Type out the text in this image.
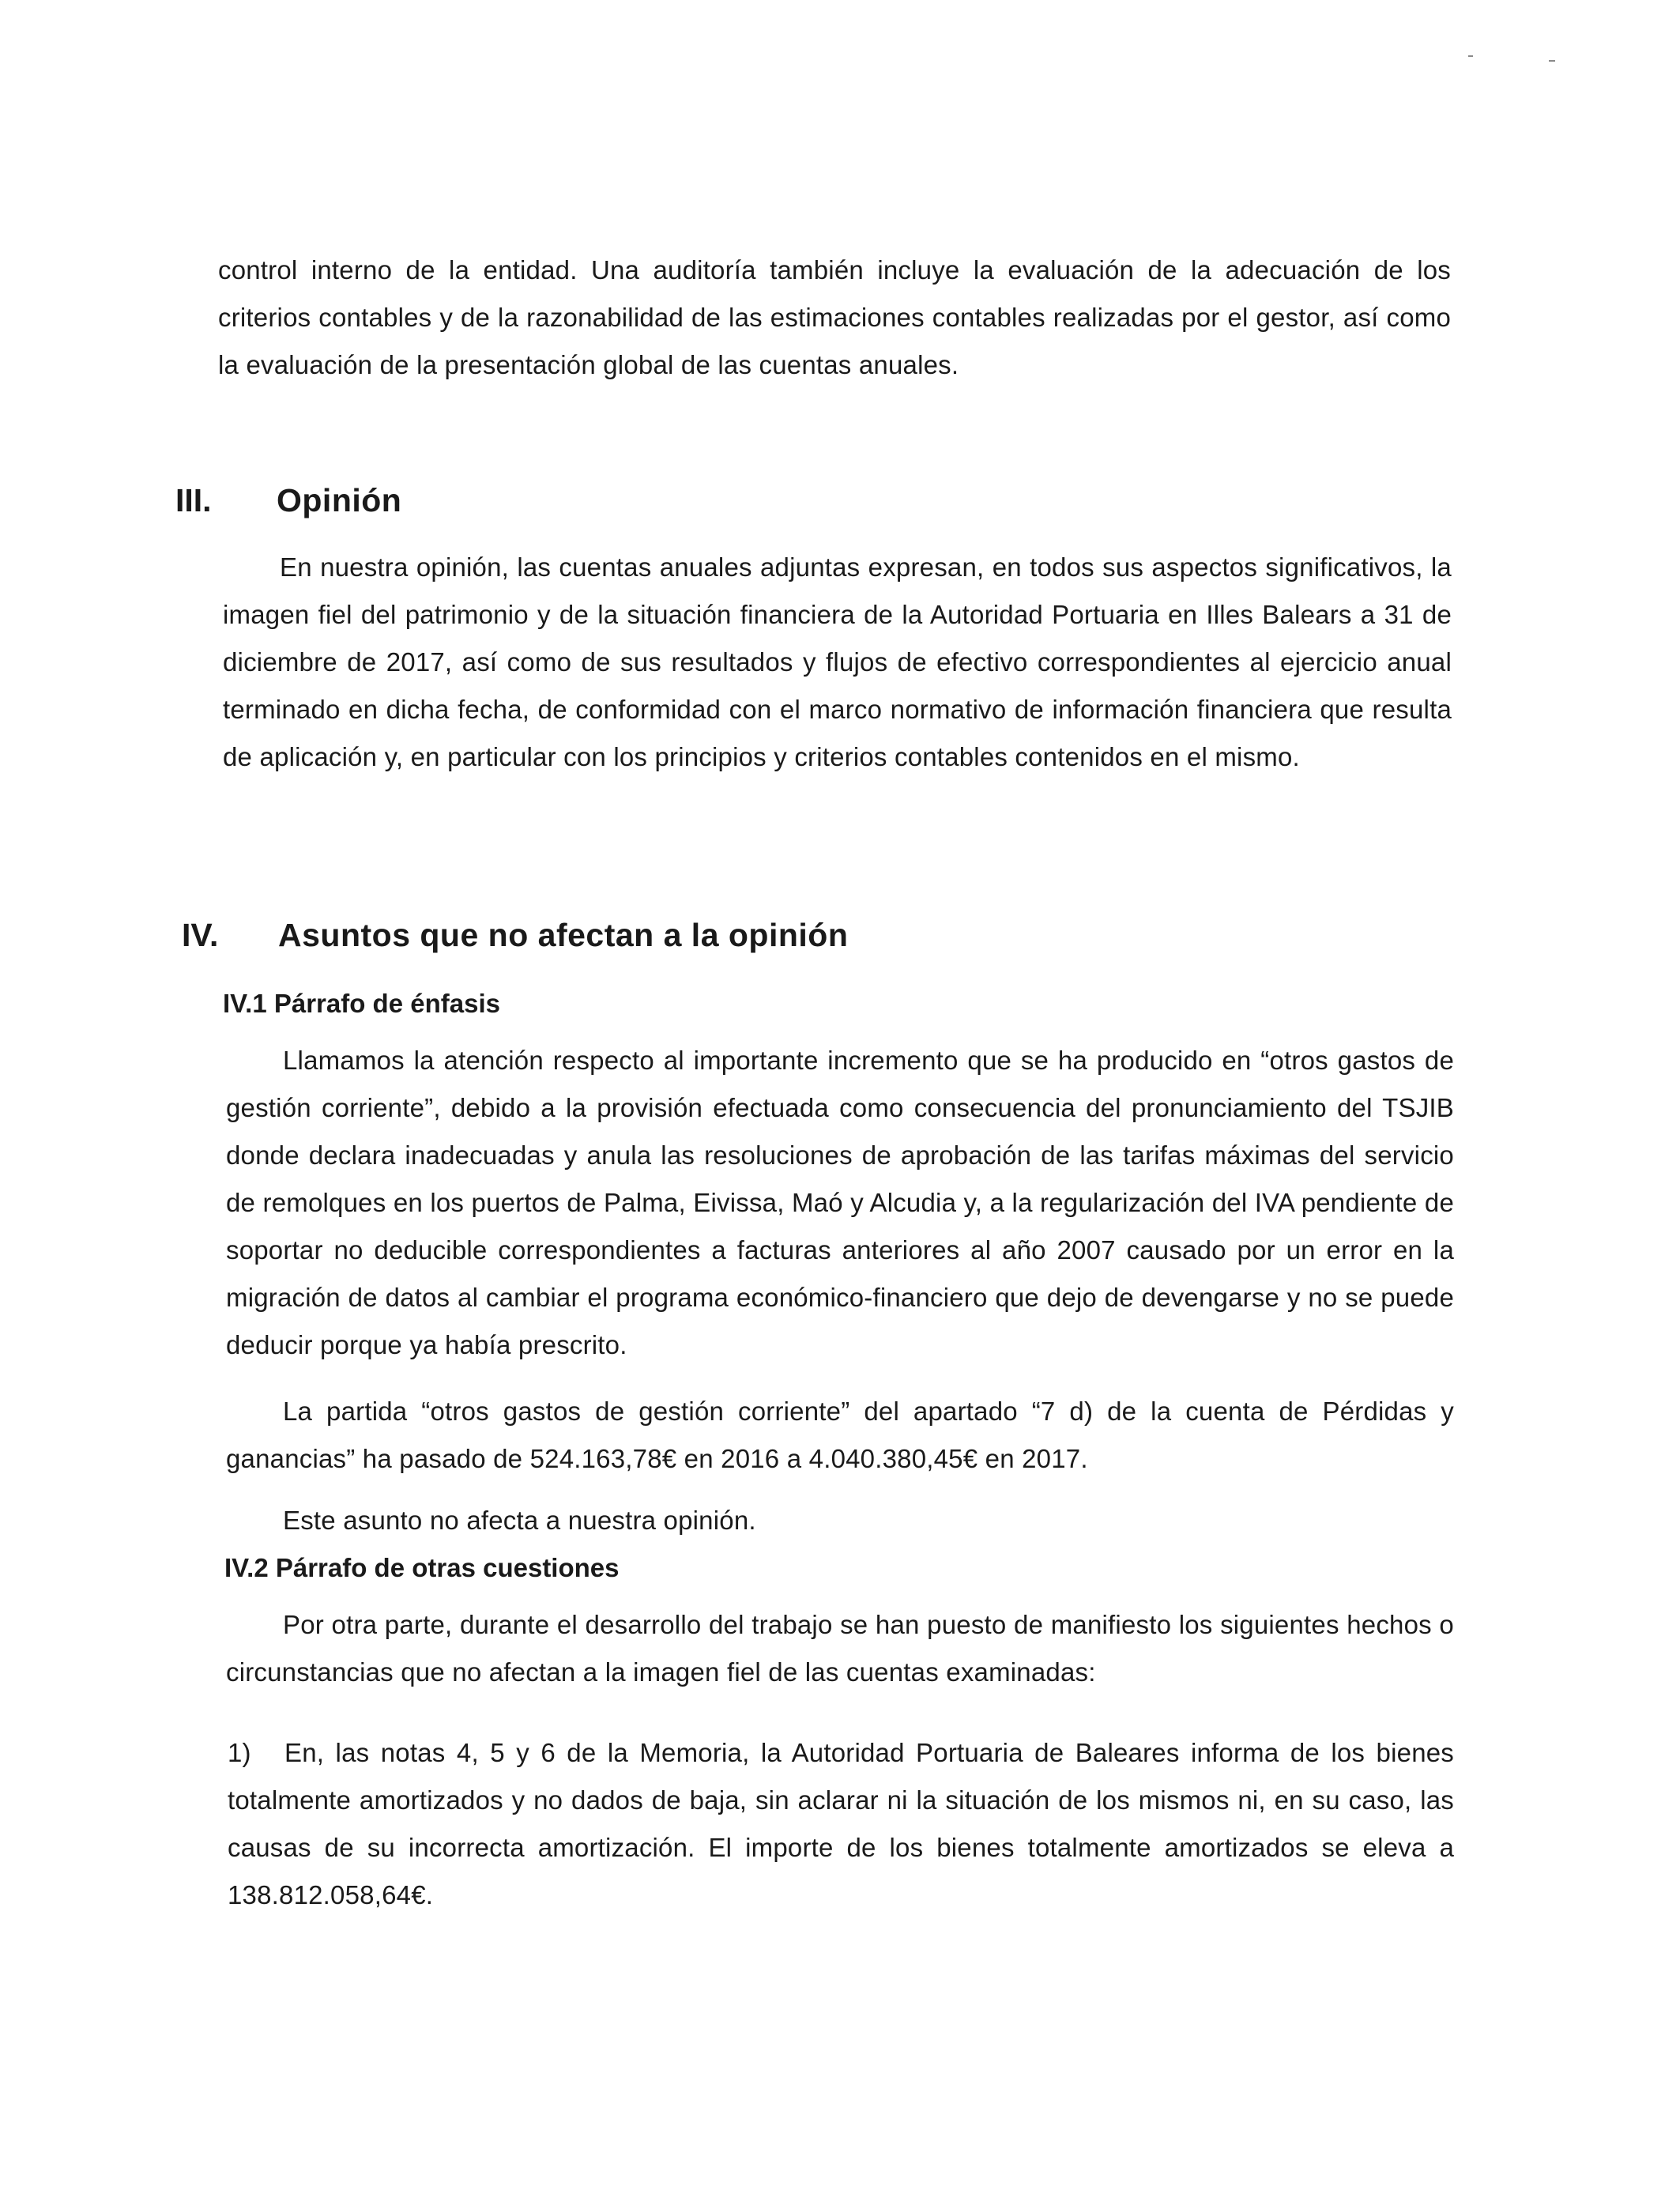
control interno de la entidad. Una auditoría también incluye la evaluación de la adecuación de los criterios contables y de la razonabilidad de las estimaciones contables realizadas por el gestor, así como la evaluación de la presentación global de las cuentas anuales.

III. Opinión

En nuestra opinión, las cuentas anuales adjuntas expresan, en todos sus aspectos significativos, la imagen fiel del patrimonio y de la situación financiera de la Autoridad Portuaria en Illes Balears a 31 de diciembre de 2017, así como de sus resultados y flujos de efectivo correspondientes al ejercicio anual terminado en dicha fecha, de conformidad con el marco normativo de información financiera que resulta de aplicación y, en particular con los principios y criterios contables contenidos en el mismo.

IV. Asuntos que no afectan a la opinión
IV.1 Párrafo de énfasis

Llamamos la atención respecto al importante incremento que se ha producido en “otros gastos de gestión corriente”, debido a la provisión efectuada como consecuencia del pronunciamiento del TSJIB donde declara inadecuadas y anula las resoluciones de aprobación de las tarifas máximas del servicio de remolques en los puertos de Palma, Eivissa, Maó y Alcudia y, a la regularización del IVA pendiente de soportar no deducible correspondientes a facturas anteriores al año 2007 causado por un error en la migración de datos al cambiar el programa económico-financiero que dejo de devengarse y no se puede deducir porque ya había prescrito.

La partida “otros gastos de gestión corriente” del apartado “7 d) de la cuenta de Pérdidas y ganancias” ha pasado de 524.163,78€ en 2016 a 4.040.380,45€ en 2017.

Este asunto no afecta a nuestra opinión.

IV.2 Párrafo de otras cuestiones

Por otra parte, durante el desarrollo del trabajo se han puesto de manifiesto los siguientes hechos o circunstancias que no afectan a la imagen fiel de las cuentas examinadas:

1) En, las notas 4, 5 y 6 de la Memoria, la Autoridad Portuaria de Baleares informa de los bienes totalmente amortizados y no dados de baja, sin aclarar ni la situación de los mismos ni, en su caso, las causas de su incorrecta amortización. El importe de los bienes totalmente amortizados se eleva a 138.812.058,64€.
